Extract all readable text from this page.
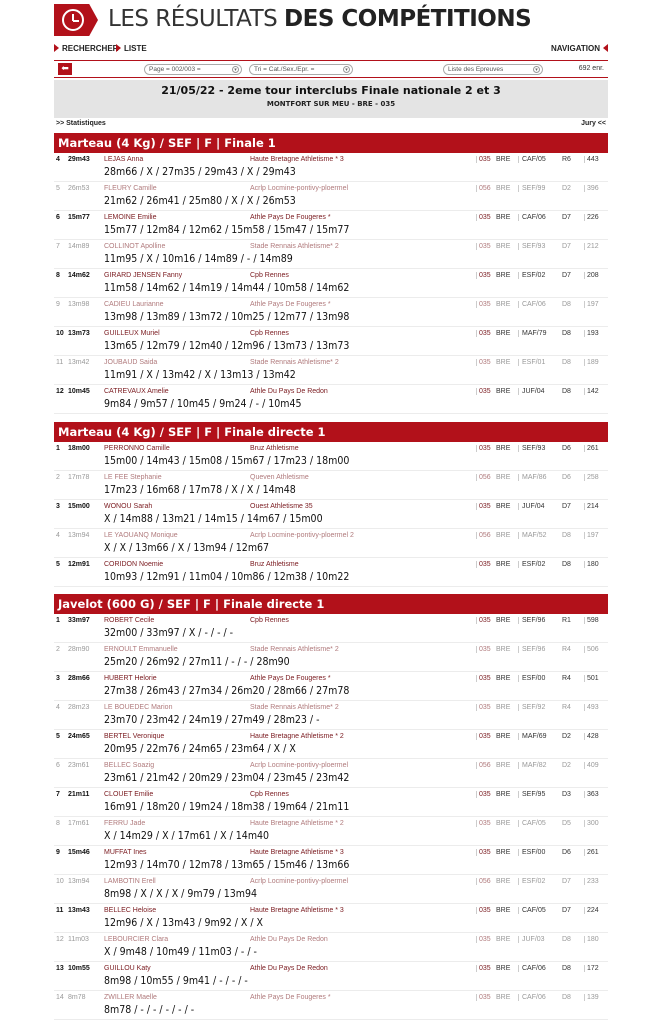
LES RÉSULTATS DES COMPÉTITIONS
RECHERCHER LISTE	NAVIGATION
⬅	Page = 002/003 =	▾	Tri = Cat./Sex./Epr. =	▾	Liste des Epreuves	▾	692 enr.
21/05/22 - 2eme tour interclubs Finale nationale 2 et 3
MONTFORT SUR MEU - BRE - 035
>> Statistiques	Jury <<
Marteau (4 Kg) / SEF | F | Finale 1
4 29m43 LEJAS Anna	Haute Bretagne Athletisme * 3	035 BRE	CAF/05 R6	443
28m66 / X / 27m35 / 29m43 / X / 29m43
5 26m53 FLEURY Camille	Acrlp Locmine-pontivy-ploermel	056 BRE	SEF/99 D2	396
21m62 / 26m41 / 25m80 / X / X / 26m53
6 15m77 LEMOINE Emilie	Athle Pays De Fougeres *	035 BRE	CAF/06 D7	226
15m77 / 12m84 / 12m62 / 15m58 / 15m47 / 15m77
7 14m89 COLLINOT Apolline	Stade Rennais Athletisme* 2	035 BRE	SEF/93 D7	212
11m95 / X / 10m16 / 14m89 / - / 14m89
8 14m62 GIRARD JENSEN Fanny	Cpb Rennes	035 BRE	ESF/02 D7	208
11m58 / 14m62 / 14m19 / 14m44 / 10m58 / 14m62
9 13m98 CADIEU Laurianne	Athle Pays De Fougeres *	035 BRE	CAF/06 D8	197
13m98 / 13m89 / 13m72 / 10m25 / 12m77 / 13m98
10 13m73 GUILLEUX Muriel	Cpb Rennes	035 BRE	MAF/79 D8	193
13m65 / 12m79 / 12m40 / 12m96 / 13m73 / 13m73
11 13m42 JOUBAUD Saida	Stade Rennais Athletisme* 2	035 BRE	ESF/01 D8	189
11m91 / X / 13m42 / X / 13m13 / 13m42
12 10m45 CATREVAUX Amelie	Athle Du Pays De Redon	035 BRE	JUF/04 D8	142
9m84 / 9m57 / 10m45 / 9m24 / - / 10m45
Marteau (4 Kg) / SEF | F | Finale directe 1
1 18m00 PERRONNO Camille	Bruz Athletisme	035 BRE	SEF/93 D6	261
15m00 / 14m43 / 15m08 / 15m67 / 17m23 / 18m00
2 17m78 LE FEE Stephanie	Queven Athletisme	056 BRE	MAF/86 D6	258
17m23 / 16m68 / 17m78 / X / X / 14m48
3 15m00 WONOU Sarah	Ouest Athletisme 35	035 BRE	JUF/04 D7	214
X / 14m88 / 13m21 / 14m15 / 14m67 / 15m00
4 13m94 LE YAOUANQ Monique	Acrlp Locmine-pontivy-ploermel 2	056 BRE	MAF/52 D8	197
X / X / 13m66 / X / 13m94 / 12m67
5 12m91 CORIDON Noemie	Bruz Athletisme	035 BRE	ESF/02 D8	180
10m93 / 12m91 / 11m04 / 10m86 / 12m38 / 10m22
Javelot (600 G) / SEF | F | Finale directe 1
1 33m97 ROBERT Cecile	Cpb Rennes	035 BRE	SEF/96 R1	598
32m00 / 33m97 / X / - / - / -
2 28m90 ERNOULT Emmanuelle	Stade Rennais Athletisme* 2	035 BRE	SEF/96 R4	506
25m20 / 26m92 / 27m11 / - / - / 28m90
3 28m66 HUBERT Helorie	Athle Pays De Fougeres *	035 BRE	ESF/00 R4	501
27m38 / 26m43 / 27m34 / 26m20 / 28m66 / 27m78
4 28m23 LE BOUEDEC Marion	Stade Rennais Athletisme* 2	035 BRE	SEF/92 R4	493
23m70 / 23m42 / 24m19 / 27m49 / 28m23 / -
5 24m65 BERTEL Veronique	Haute Bretagne Athletisme * 2	035 BRE	MAF/69 D2	428
20m95 / 22m76 / 24m65 / 23m64 / X / X
6 23m61 BELLEC Soazig	Acrlp Locmine-pontivy-ploermel	056 BRE	MAF/82 D2	409
23m61 / 21m42 / 20m29 / 23m04 / 23m45 / 23m42
7 21m11 CLOUET Emilie	Cpb Rennes	035 BRE	SEF/95 D3	363
16m91 / 18m20 / 19m24 / 18m38 / 19m64 / 21m11
8 17m61 FERRU Jade	Haute Bretagne Athletisme * 2	035 BRE	CAF/05 D5	300
X / 14m29 / X / 17m61 / X / 14m40
9 15m46 MUFFAT Ines	Haute Bretagne Athletisme * 3	035 BRE	ESF/00 D6	261
12m93 / 14m70 / 12m78 / 13m65 / 15m46 / 13m66
10 13m94 LAMBOTIN Erell	Acrlp Locmine-pontivy-ploermel	056 BRE	ESF/02 D7	233
8m98 / X / X / X / 9m79 / 13m94
11 13m43 BELLEC Heloise	Haute Bretagne Athletisme * 3	035 BRE	CAF/05 D7	224
12m96 / X / 13m43 / 9m92 / X / X
12 11m03 LEBOURCIER Clara	Athle Du Pays De Redon	035 BRE	JUF/03 D8	180
X / 9m48 / 10m49 / 11m03 / - / -
13 10m55 GUILLOU Katy	Athle Du Pays De Redon	035 BRE	CAF/06 D8	172
8m98 / 10m55 / 9m41 / - / - / -
14 8m78	ZWILLER Maelle	Athle Pays De Fougeres *	035 BRE	CAF/06 D8	139
8m78 / - / - / - / - / -
